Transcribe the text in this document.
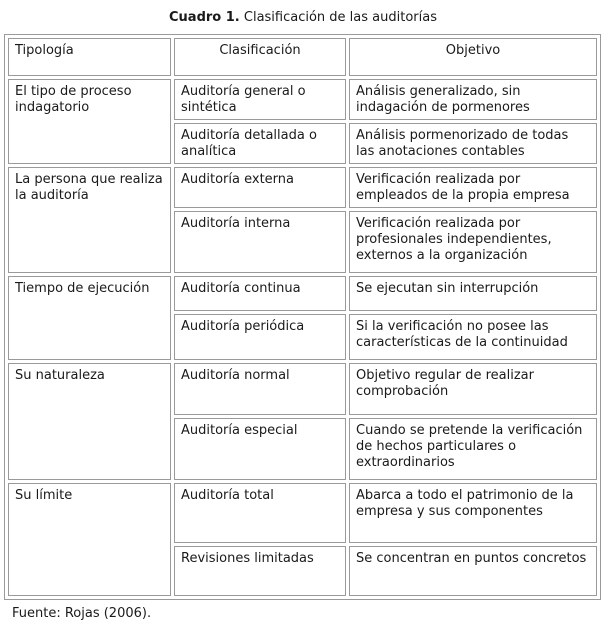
Cuadro 1. Clasificación de las auditorías
Tipología	Clasificación	Objetivo
El tipo de proceso indagatorio	Auditoría general o sintética	Análisis generalizado, sin indagación de pormenores
	Auditoría detallada o analítica	Análisis pormenorizado de todas las anotaciones contables
La persona que realiza la auditoría	Auditoría externa	Verificación realizada por empleados de la propia empresa
	Auditoría interna	Verificación realizada por profesionales independientes, externos a la organización
Tiempo de ejecución	Auditoría continua	Se ejecutan sin interrupción
	Auditoría periódica	Si la verificación no posee las características de la continuidad
Su naturaleza	Auditoría normal	Objetivo regular de realizar comprobación
	Auditoría especial	Cuando se pretende la verificación de hechos particulares o extraordinarios
Su límite	Auditoría total	Abarca a todo el patrimonio de la empresa y sus componentes
	Revisiones limitadas	Se concentran en puntos concretos
Fuente: Rojas (2006).
